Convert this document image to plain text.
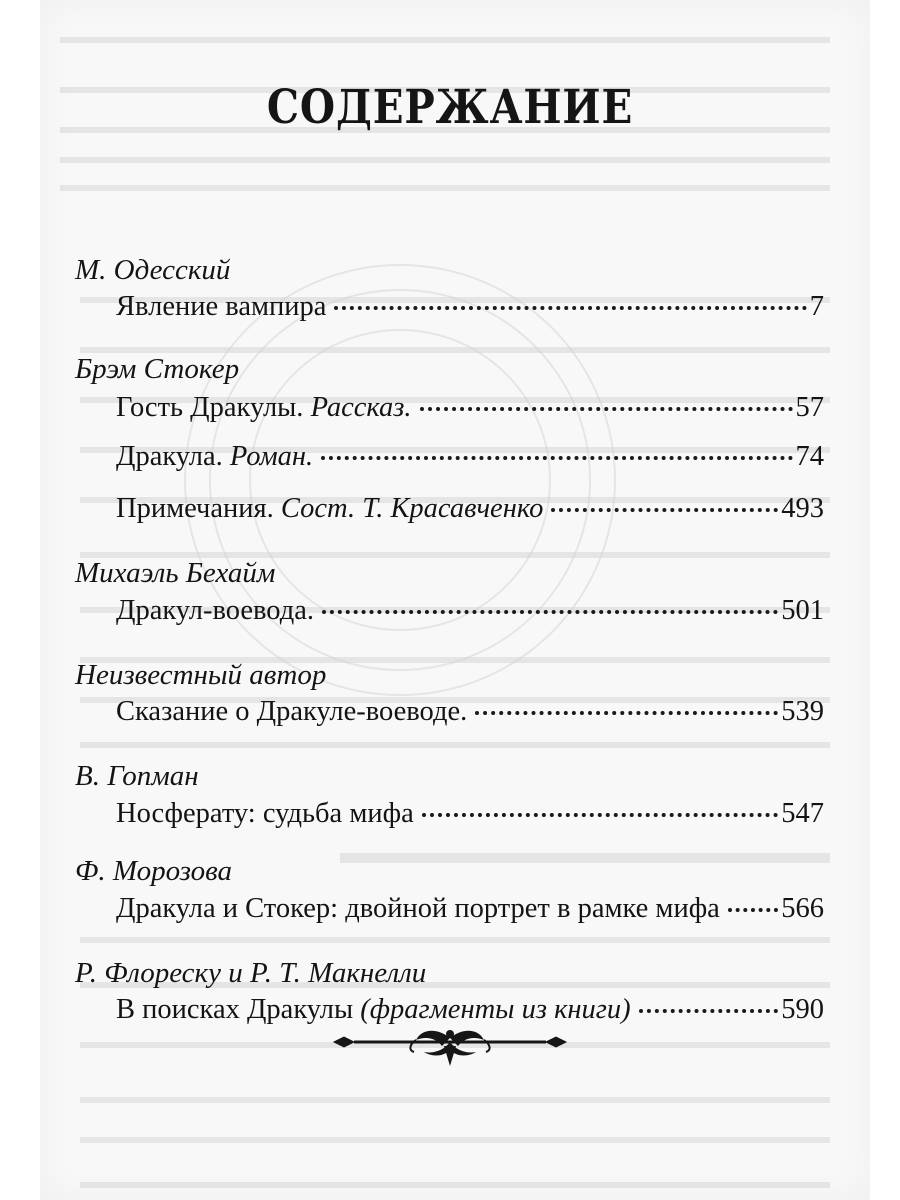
СОДЕРЖАНИЕ
М. Одесский
Явление вампира	7
Брэм Стокер
Гость Дракулы. Рассказ.	57
Дракула. Роман.	74
Примечания. Сост. Т. Красавченко	493
Михаэль Бехайм
Дракул-воевода.	501
Неизвестный автор
Сказание о Дракуле-воеводе.	539
В. Гопман
Носферату: судьба мифа	547
Ф. Морозова
Дракула и Стокер: двойной портрет в рамке мифа 566
Р. Флореску и Р. Т. Макнелли
В поисках Дракулы (фрагменты из книги)	590
